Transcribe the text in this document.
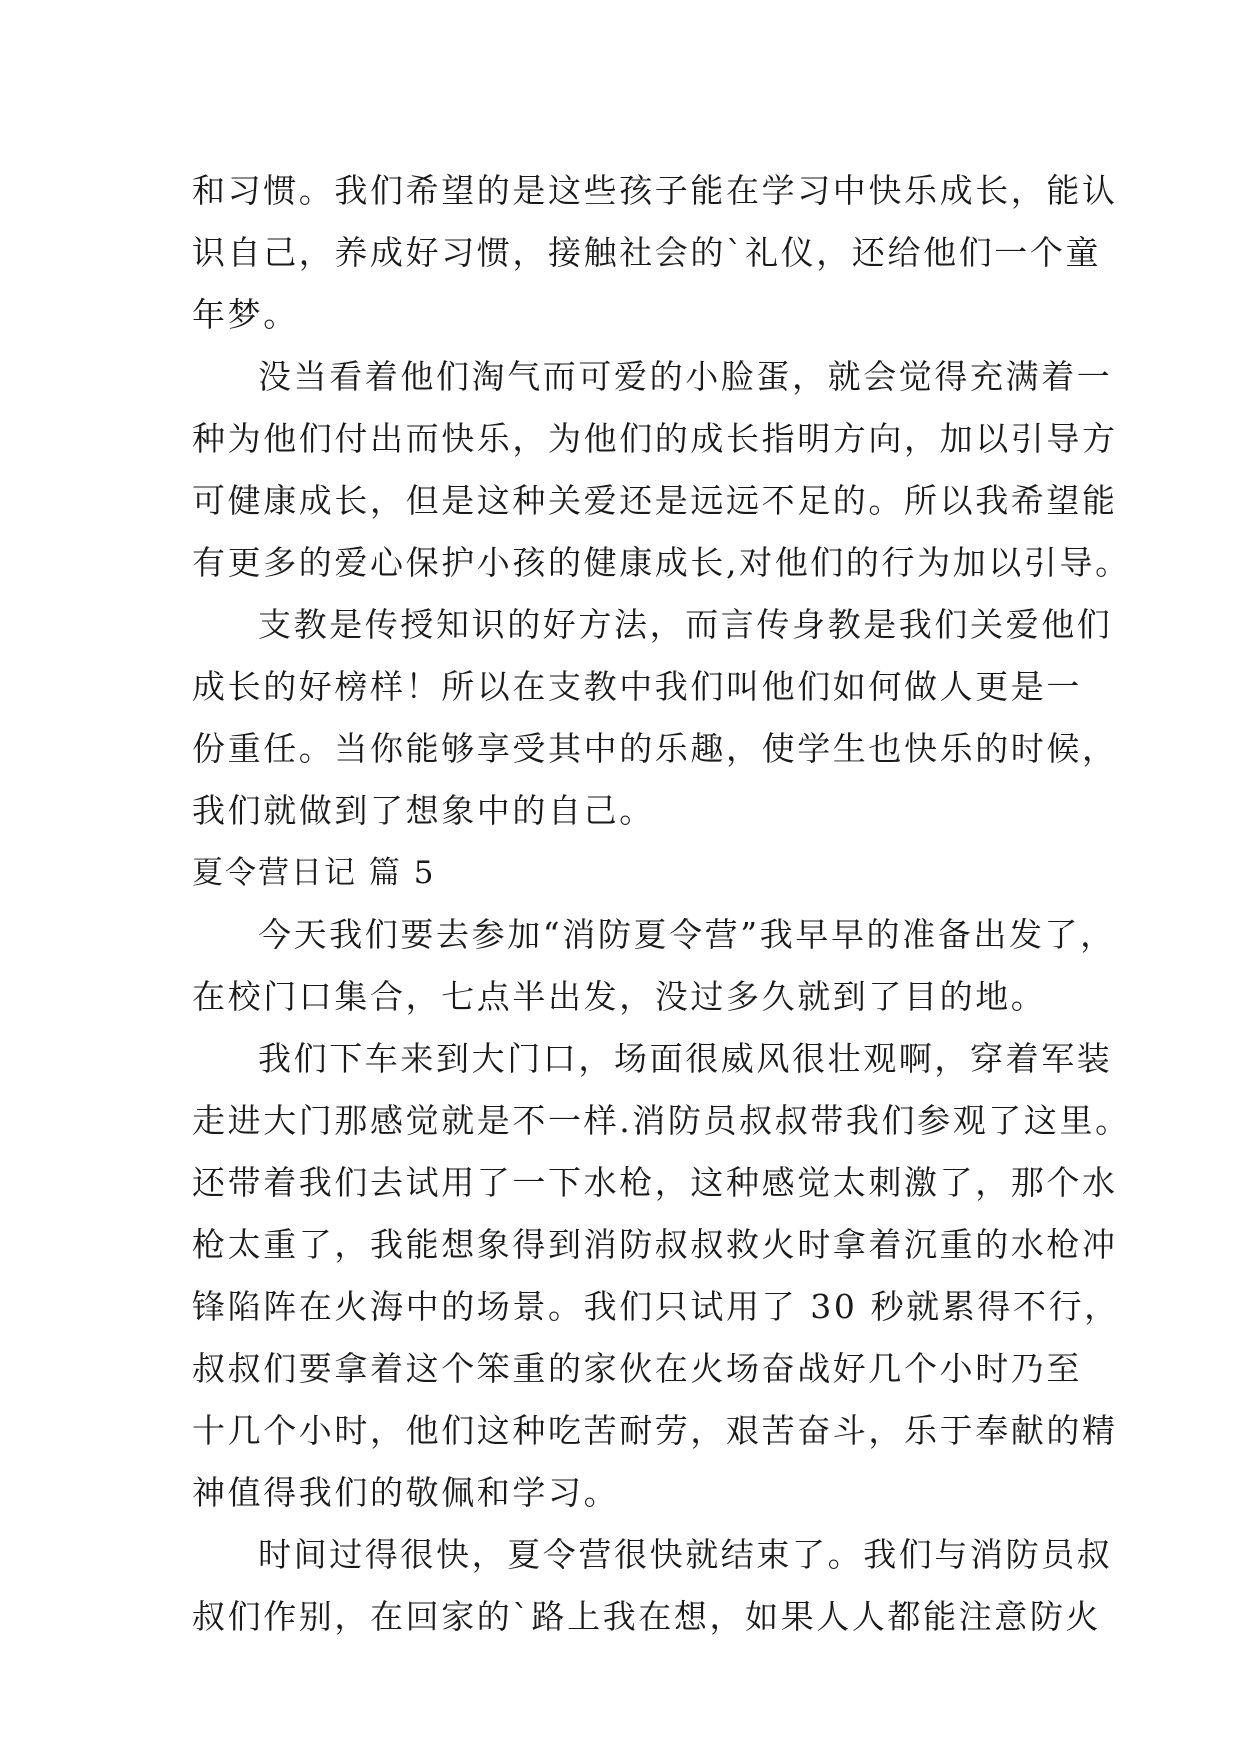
和习惯。我们希望的是这些孩子能在学习中快乐成长，能认
识自己，养成好习惯，接触社会的`礼仪，还给他们一个童
年梦。
没当看着他们淘气而可爱的小脸蛋，就会觉得充满着一
种为他们付出而快乐，为他们的成长指明方向，加以引导方
可健康成长，但是这种关爱还是远远不足的。所以我希望能
有更多的爱心保护小孩的健康成长,对他们的行为加以引导。
支教是传授知识的好方法，而言传身教是我们关爱他们
成长的好榜样！所以在支教中我们叫他们如何做人更是一
份重任。当你能够享受其中的乐趣，使学生也快乐的时候，
我们就做到了想象中的自己。
夏令营日记 篇 5
今天我们要去参加“消防夏令营”我早早的准备出发了，
在校门口集合，七点半出发，没过多久就到了目的地。
我们下车来到大门口，场面很威风很壮观啊，穿着军装
走进大门那感觉就是不一样.消防员叔叔带我们参观了这里。
还带着我们去试用了一下水枪，这种感觉太刺激了，那个水
枪太重了，我能想象得到消防叔叔救火时拿着沉重的水枪冲
锋陷阵在火海中的场景。我们只试用了 30 秒就累得不行，
叔叔们要拿着这个笨重的家伙在火场奋战好几个小时乃至
十几个小时，他们这种吃苦耐劳，艰苦奋斗，乐于奉献的精
神值得我们的敬佩和学习。
时间过得很快，夏令营很快就结束了。我们与消防员叔
叔们作别，在回家的`路上我在想，如果人人都能注意防火
